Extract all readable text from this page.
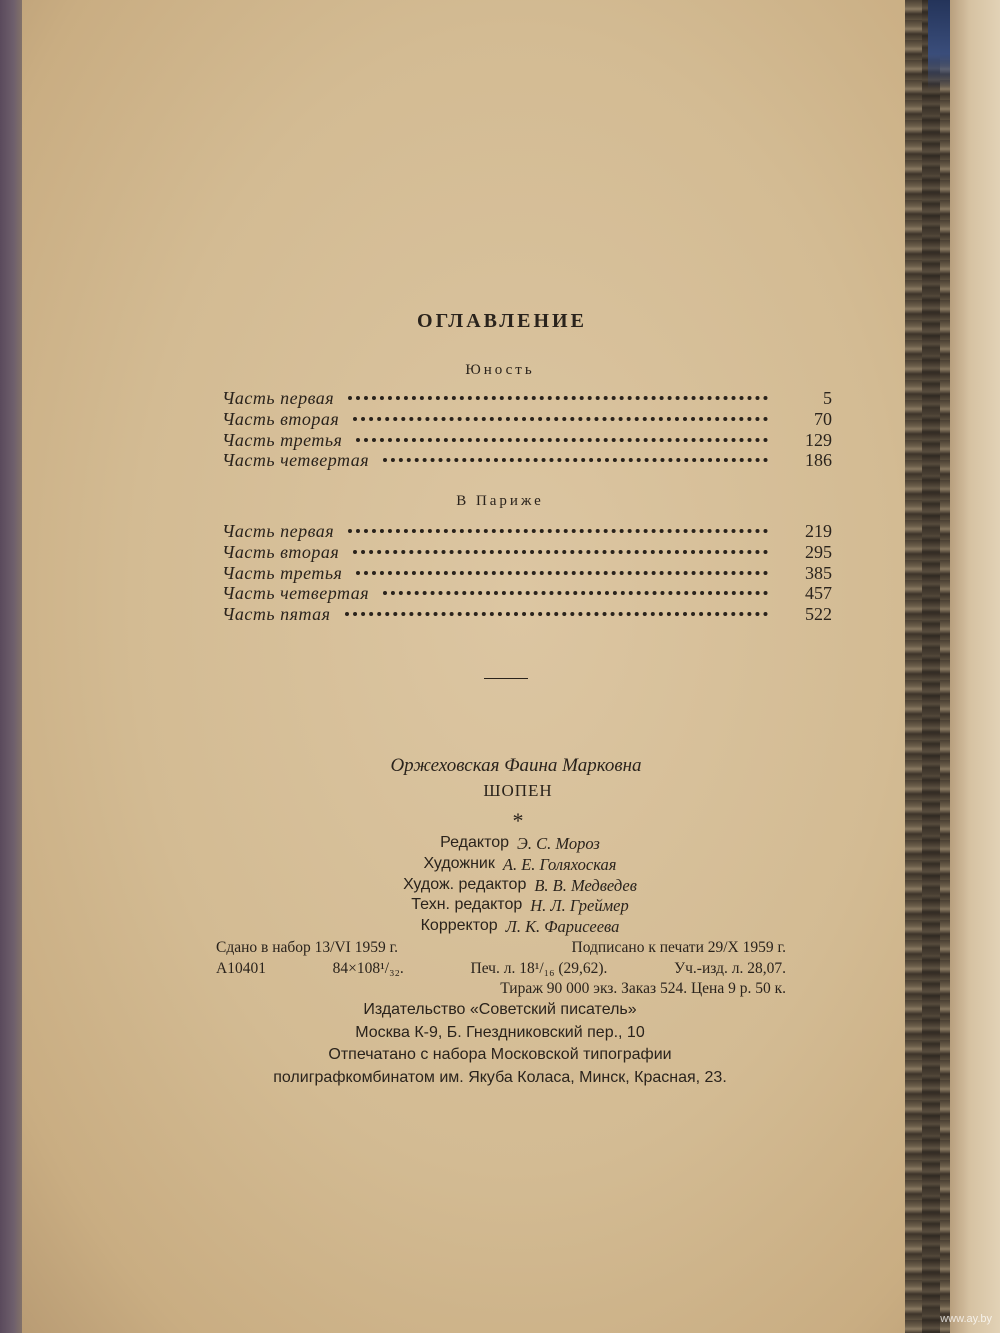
ОГЛАВЛЕНИЕ
Юность
Часть первая	5
Часть вторая	70
Часть третья	129
Часть четвертая	186
В Париже
Часть первая	219
Часть вторая	295
Часть третья	385
Часть четвертая	457
Часть пятая	522
Оржеховская Фаина Марковна
ШОПЕН
*
Редактор Э. С. Мороз
Художник А. Е. Голяхоская
Худож. редактор В. В. Медведев
Техн. редактор Н. Л. Греймер
Корректор Л. К. Фарисеева
Сдано в набор 13/VI 1959 г.	Подписано к печати 29/X 1959 г.
А10401	84×108¹/₃₂.	Печ. л. 18¹/₁₆ (29,62).	Уч.-изд. л. 28,07.
Тираж 90 000 экз. Заказ 524. Цена 9 р. 50 к.
Издательство «Советский писатель»
Москва К-9, Б. Гнездниковский пер., 10
Отпечатано с набора Московской типографии
полиграфкомбинатом им. Якуба Коласа, Минск, Красная, 23.
www.ay.by
